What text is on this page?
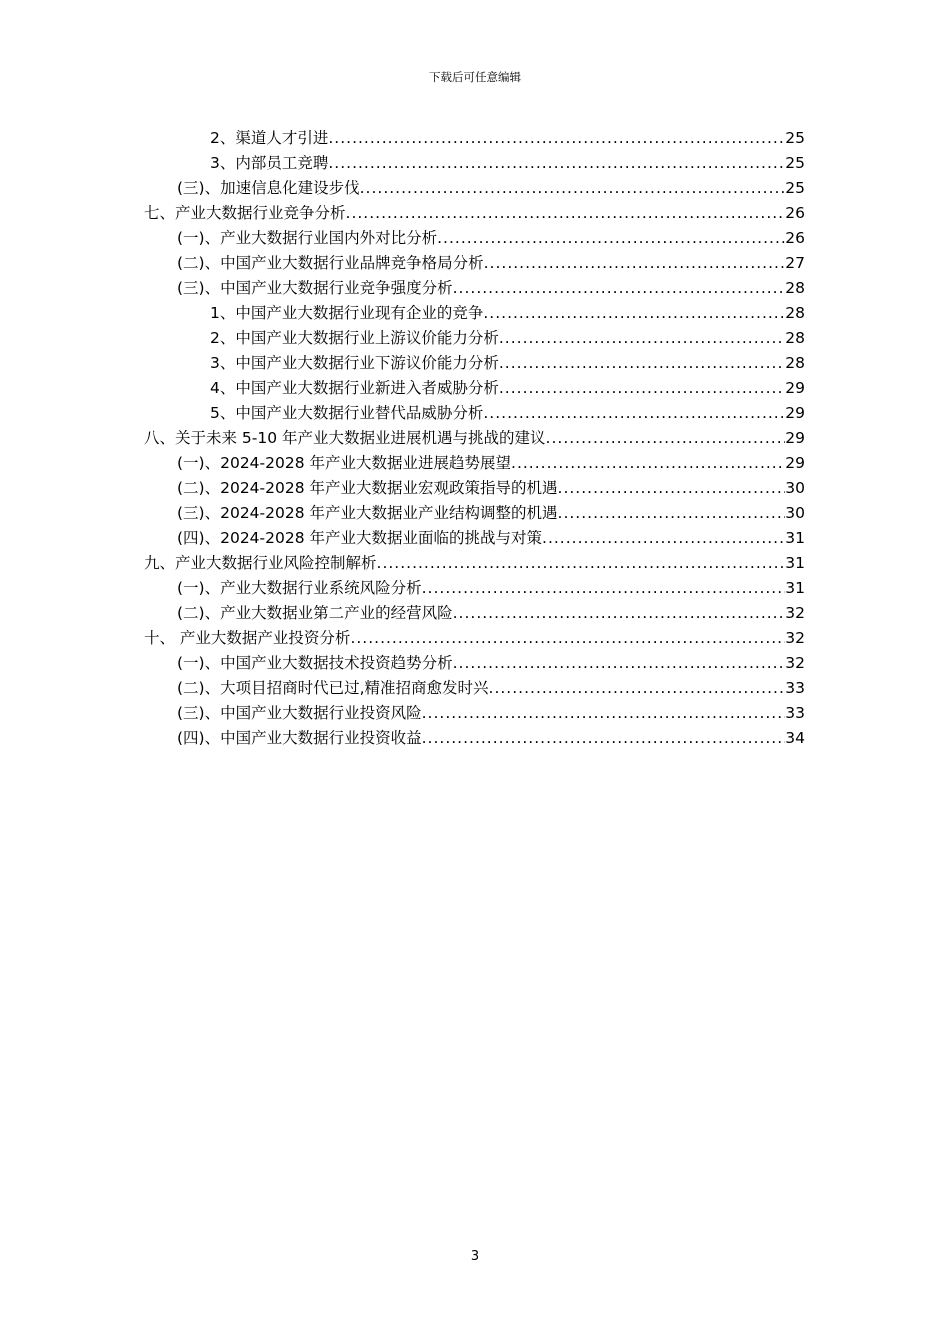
下载后可任意编辑
2、渠道人才引进 .....	25
3、内部员工竞聘 .....	25
(三)、加速信息化建设步伐 .....	25
七、产业大数据行业竞争分析 .....	26
(一)、产业大数据行业国内外对比分析 .....	26
(二)、中国产业大数据行业品牌竞争格局分析 .....	27
(三)、中国产业大数据行业竞争强度分析 .....	28
1、中国产业大数据行业现有企业的竞争 .....	28
2、中国产业大数据行业上游议价能力分析 .....	28
3、中国产业大数据行业下游议价能力分析 .....	28
4、中国产业大数据行业新进入者威胁分析 .....	29
5、中国产业大数据行业替代品威胁分析 .....	29
八、关于未来 5-10 年产业大数据业进展机遇与挑战的建议 .....	29
(一)、2024-2028 年产业大数据业进展趋势展望 .....	29
(二)、2024-2028 年产业大数据业宏观政策指导的机遇 .....	30
(三)、2024-2028 年产业大数据业产业结构调整的机遇 .....	30
(四)、2024-2028 年产业大数据业面临的挑战与对策 .....	31
九、产业大数据行业风险控制解析 .....	31
(一)、产业大数据行业系统风险分析 .....	31
(二)、产业大数据业第二产业的经营风险 .....	32
十、 产业大数据产业投资分析 .....	32
(一)、中国产业大数据技术投资趋势分析 .....	32
(二)、大项目招商时代已过,精准招商愈发时兴 .....	33
(三)、中国产业大数据行业投资风险 .....	33
(四)、中国产业大数据行业投资收益 .....	34
3
